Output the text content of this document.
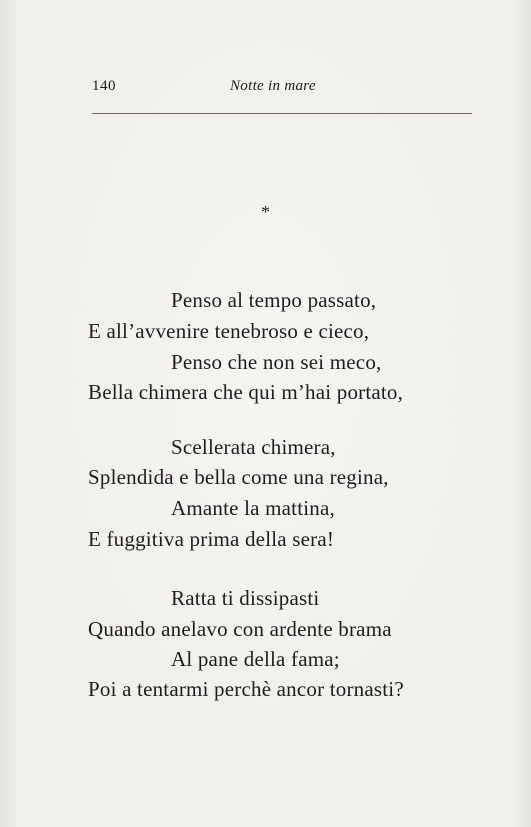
140	Notte in mare
*
Penso al tempo passato,
E all’avvenire tenebroso e cieco,
Penso che non sei meco,
Bella chimera che qui m’hai portato,
Scellerata chimera,
Splendida e bella come una regina,
Amante la mattina,
E fuggitiva prima della sera!
Ratta ti dissipasti
Quando anelavo con ardente brama
Al pane della fama;
Poi a tentarmi perchè ancor tornasti?
